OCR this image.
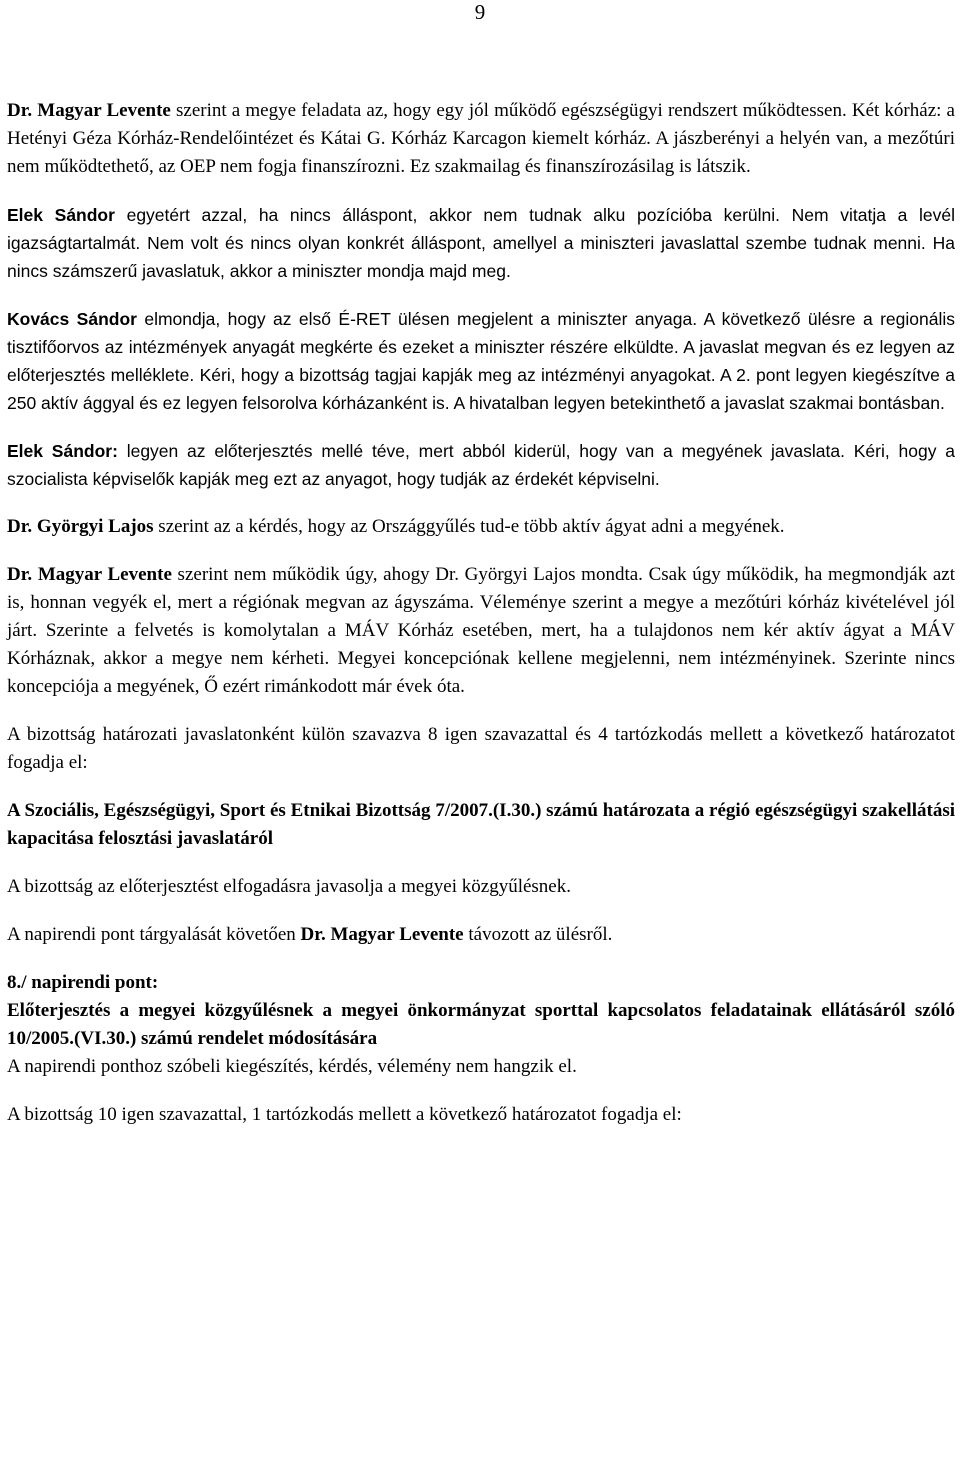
9

Dr. Magyar Levente szerint a megye feladata az, hogy egy jól működő egészségügyi rendszert működtessen. Két kórház: a Hetényi Géza Kórház-Rendelőintézet és Kátai G. Kórház Karcagon kiemelt kórház. A jászberényi a helyén van, a mezőtúri nem működtethető, az OEP nem fogja finanszírozni. Ez szakmailag és finanszírozásilag is látszik.

Elek Sándor egyetért azzal, ha nincs álláspont, akkor nem tudnak alku pozícióba kerülni. Nem vitatja a levél igazságtartalmát. Nem volt és nincs olyan konkrét álláspont, amellyel a miniszteri javaslattal szembe tudnak menni. Ha nincs számszerű javaslatuk, akkor a miniszter mondja majd meg.

Kovács Sándor elmondja, hogy az első É-RET ülésen megjelent a miniszter anyaga. A következő ülésre a regionális tisztifőorvos az intézmények anyagát megkérte és ezeket a miniszter részére elküldte. A javaslat megvan és ez legyen az előterjesztés melléklete. Kéri, hogy a bizottság tagjai kapják meg az intézményi anyagokat. A 2. pont legyen kiegészítve a 250 aktív ággyal és ez legyen felsorolva kórházanként is. A hivatalban legyen betekinthető a javaslat szakmai bontásban.

Elek Sándor: legyen az előterjesztés mellé téve, mert abból kiderül, hogy van a megyének javaslata. Kéri, hogy a szocialista képviselők kapják meg ezt az anyagot, hogy tudják az érdekét képviselni.

Dr. Györgyi Lajos szerint az a kérdés, hogy az Országgyűlés tud-e több aktív ágyat adni a megyének.

Dr. Magyar Levente szerint nem működik úgy, ahogy Dr. Györgyi Lajos mondta. Csak úgy működik, ha megmondják azt is, honnan vegyék el, mert a régiónak megvan az ágyszáma. Véleménye szerint a megye a mezőtúri kórház kivételével jól járt. Szerinte a felvetés is komolytalan a MÁV Kórház esetében, mert, ha a tulajdonos nem kér aktív ágyat a MÁV Kórháznak, akkor a megye nem kérheti. Megyei koncepciónak kellene megjelenni, nem intézményinek. Szerinte nincs koncepciója a megyének, Ő ezért rimánkodott már évek óta.

A bizottság határozati javaslatonként külön szavazva 8 igen szavazattal és 4 tartózkodás mellett a következő határozatot fogadja el:

A Szociális, Egészségügyi, Sport és Etnikai Bizottság 7/2007.(I.30.) számú határozata a régió egészségügyi szakellátási kapacitása felosztási javaslatáról

A bizottság az előterjesztést elfogadásra javasolja a megyei közgyűlésnek.

A napirendi pont tárgyalását követően Dr. Magyar Levente távozott az ülésről.

8./ napirendi pont:

Előterjesztés a megyei közgyűlésnek a megyei önkormányzat sporttal kapcsolatos feladatainak ellátásáról szóló 10/2005.(VI.30.) számú rendelet módosítására

A napirendi ponthoz szóbeli kiegészítés, kérdés, vélemény nem hangzik el.

A bizottság 10 igen szavazattal, 1 tartózkodás mellett a következő határozatot fogadja el:
